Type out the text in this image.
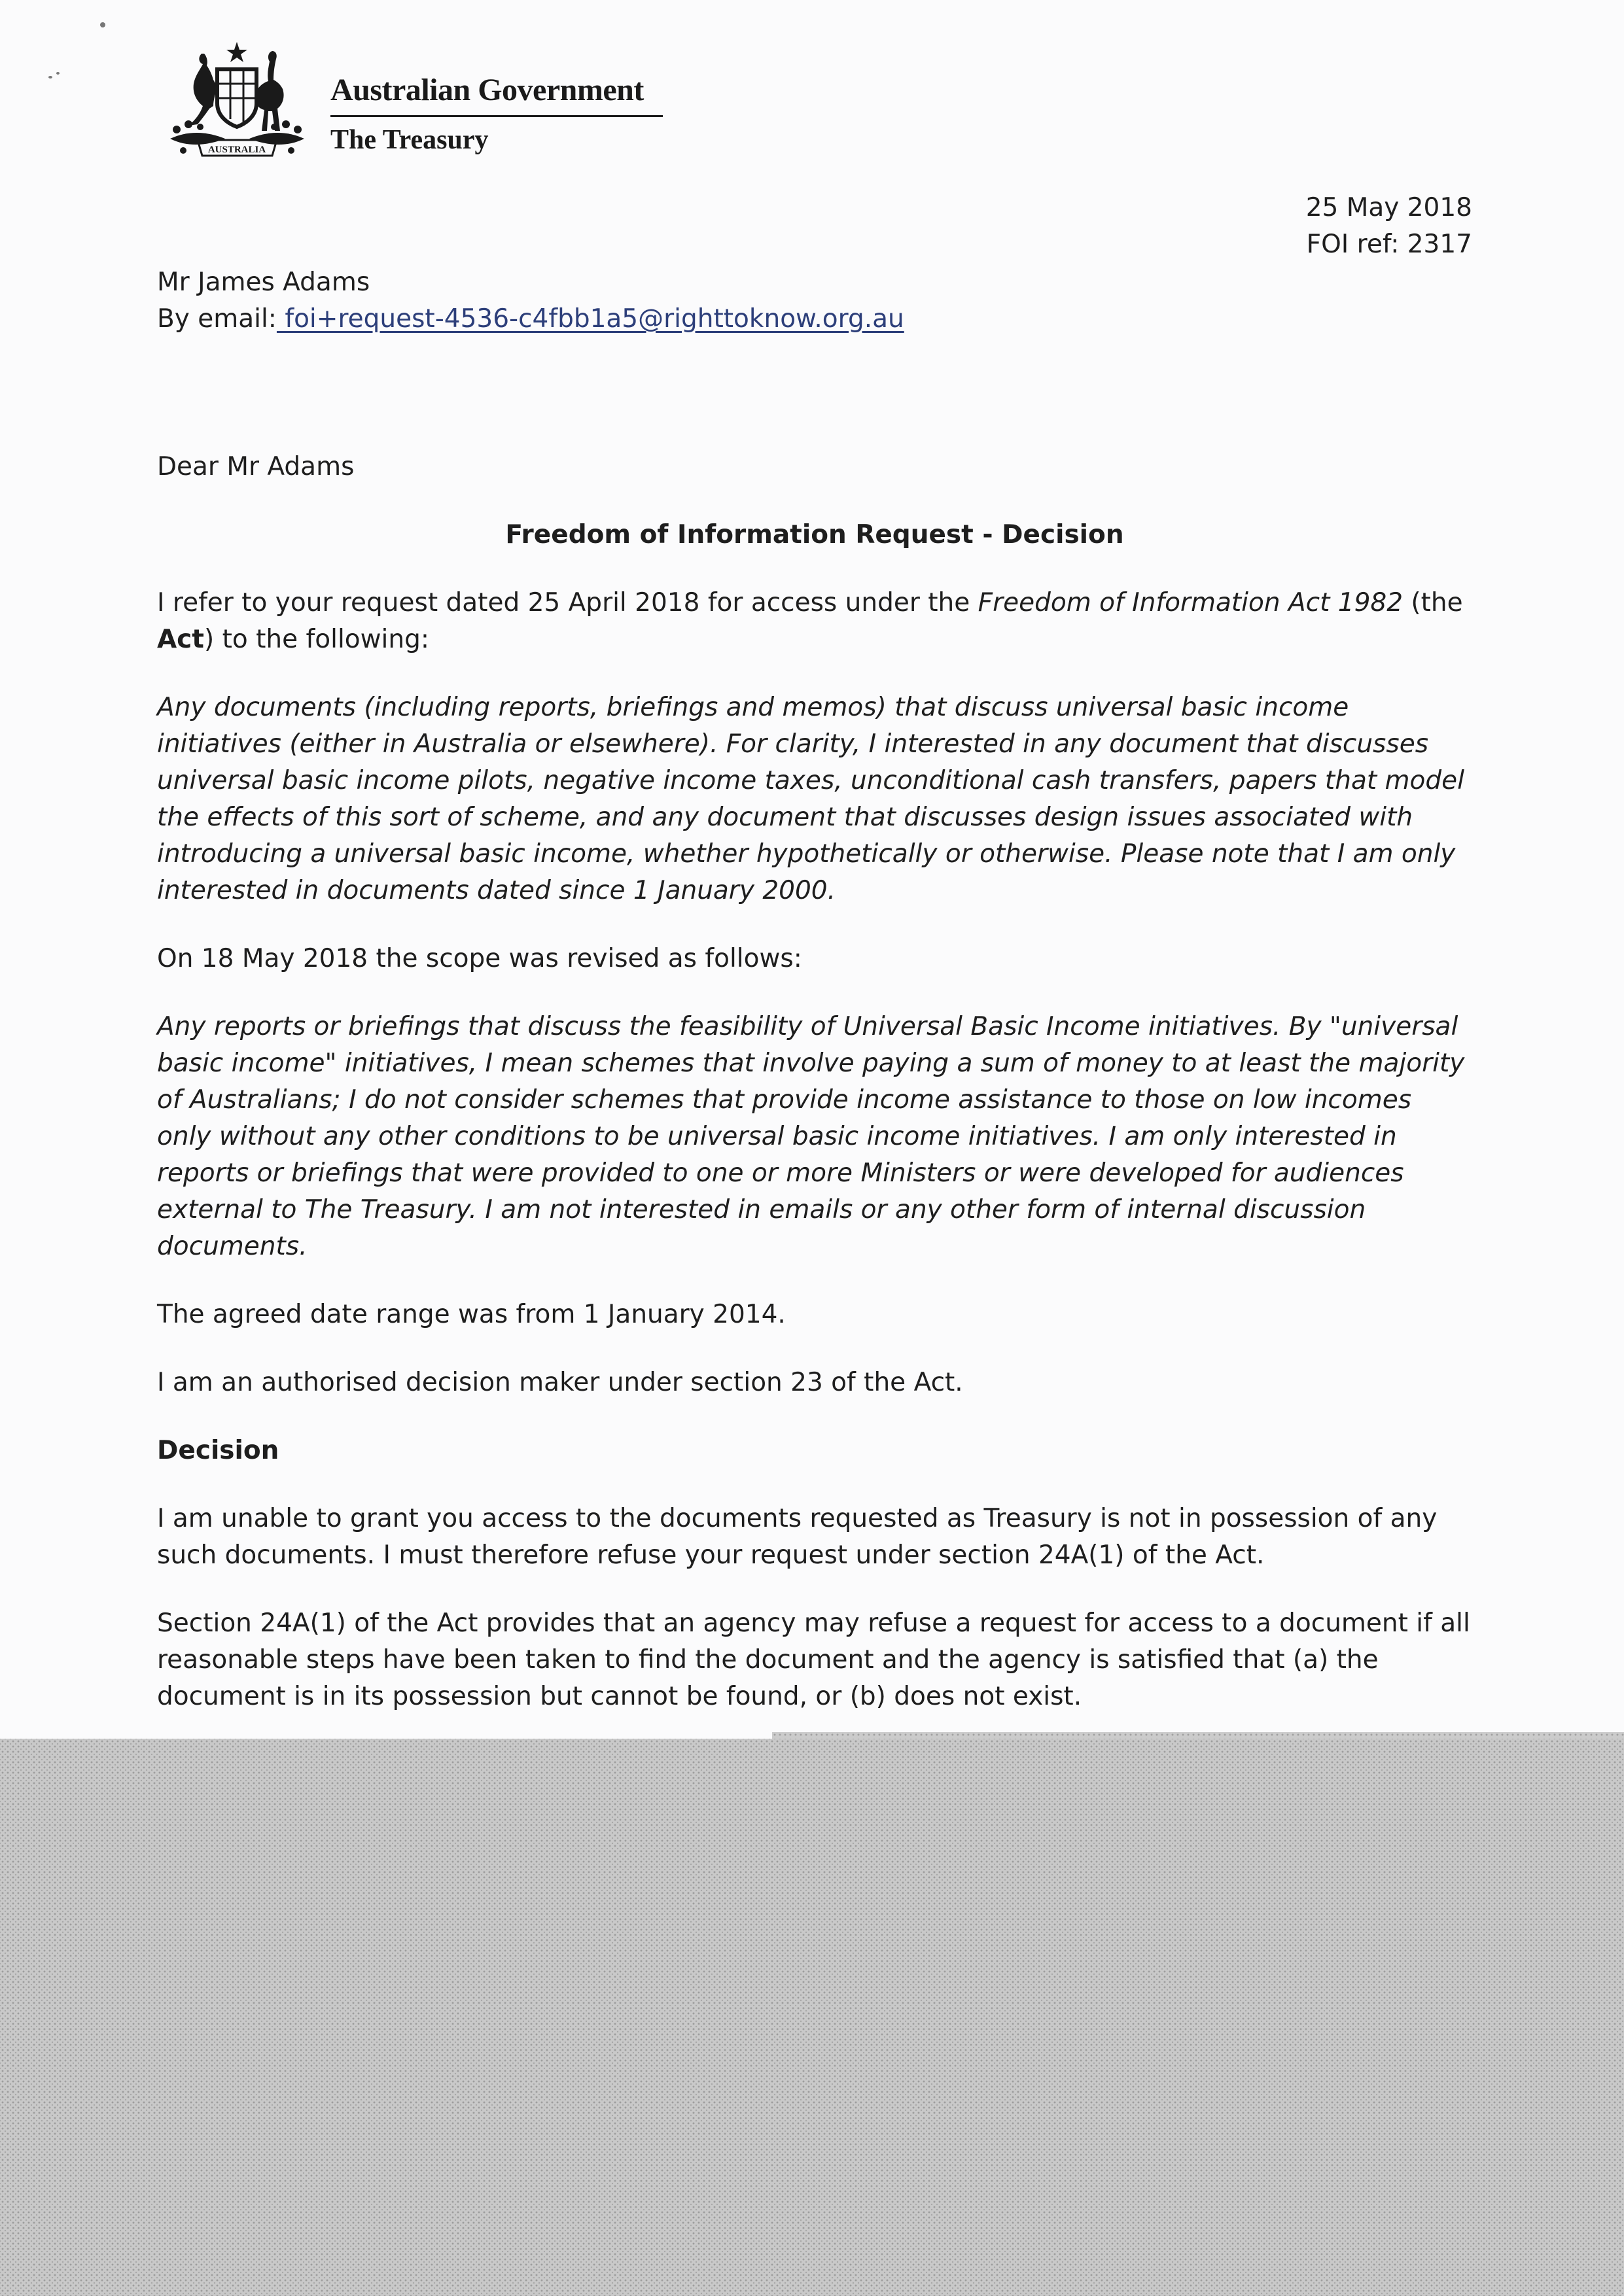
AUSTRALIA
Australian Government
The Treasury
25 May 2018
FOI ref: 2317
Mr James Adams
By email: foi+request-4536-c4fbb1a5@righttoknow.org.au

Dear Mr Adams

Freedom of Information Request - Decision

I refer to your request dated 25 April 2018 for access under the Freedom of Information Act 1982 (the Act) to the following:

Any documents (including reports, briefings and memos) that discuss universal basic income initiatives (either in Australia or elsewhere). For clarity, I interested in any document that discusses universal basic income pilots, negative income taxes, unconditional cash transfers, papers that model the effects of this sort of scheme, and any document that discusses design issues associated with introducing a universal basic income, whether hypothetically or otherwise. Please note that I am only interested in documents dated since 1 January 2000.

On 18 May 2018 the scope was revised as follows:

Any reports or briefings that discuss the feasibility of Universal Basic Income initiatives. By "universal basic income" initiatives, I mean schemes that involve paying a sum of money to at least the majority of Australians; I do not consider schemes that provide income assistance to those on low incomes only without any other conditions to be universal basic income initiatives. I am only interested in reports or briefings that were provided to one or more Ministers or were developed for audiences external to The Treasury. I am not interested in emails or any other form of internal discussion documents.

The agreed date range was from 1 January 2014.

I am an authorised decision maker under section 23 of the Act.

Decision

I am unable to grant you access to the documents requested as Treasury is not in possession of any such documents. I must therefore refuse your request under section 24A(1) of the Act.

Section 24A(1) of the Act provides that an agency may refuse a request for access to a document if all reasonable steps have been taken to find the document and the agency is satisfied that (a) the document is in its possession but cannot be found, or (b) does not exist.
